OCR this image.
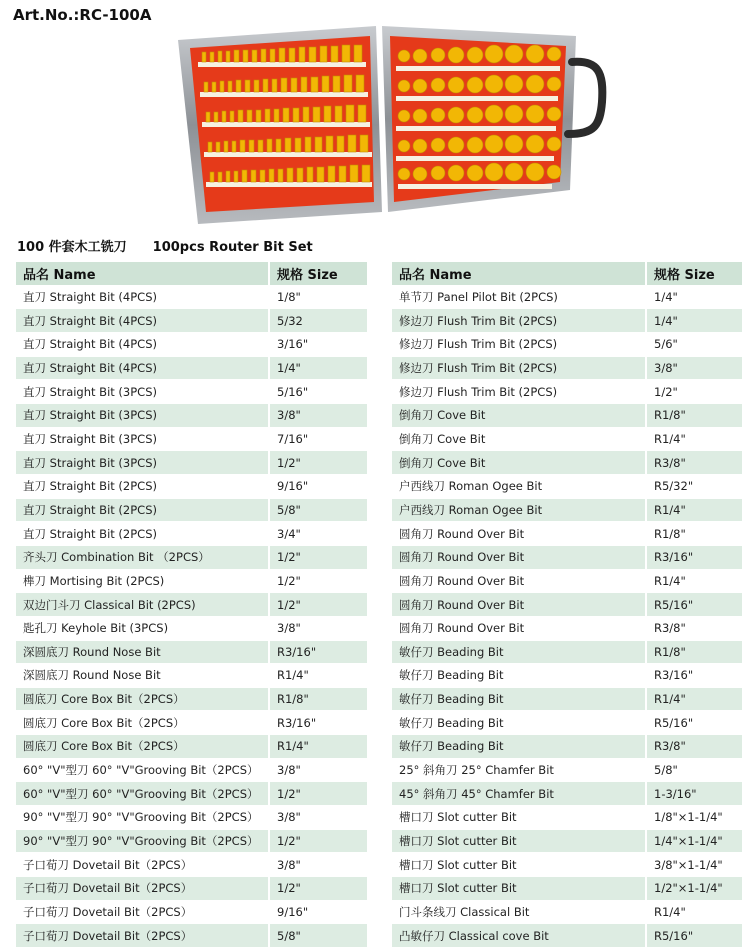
Art.No.:RC-100A
100 件套木工铣刀 100pcs Router Bit Set
品名 Name	规格 Size
直刀 Straight Bit (4PCS)	1/8"
直刀 Straight Bit (4PCS)	5/32
直刀 Straight Bit (4PCS)	3/16"
直刀 Straight Bit (4PCS)	1/4"
直刀 Straight Bit (3PCS)	5/16"
直刀 Straight Bit (3PCS)	3/8"
直刀 Straight Bit (3PCS)	7/16"
直刀 Straight Bit (3PCS)	1/2"
直刀 Straight Bit (2PCS)	9/16"
直刀 Straight Bit (2PCS)	5/8"
直刀 Straight Bit (2PCS)	3/4"
齐头刀 Combination Bit （2PCS）	1/2"
榫刀 Mortising Bit (2PCS)	1/2"
双边门斗刀 Classical Bit (2PCS)	1/2"
匙孔刀 Keyhole Bit (3PCS)	3/8"
深圆底刀 Round Nose Bit	R3/16"
深圆底刀 Round Nose Bit	R1/4"
圆底刀 Core Box Bit（2PCS）	R1/8"
圆底刀 Core Box Bit（2PCS）	R3/16"
圆底刀 Core Box Bit（2PCS）	R1/4"
60° "V"型刀 60° "V"Grooving Bit（2PCS）	3/8"
60° "V"型刀 60° "V"Grooving Bit（2PCS）	1/2"
90° "V"型刀 90° "V"Grooving Bit（2PCS）	3/8"
90° "V"型刀 90° "V"Grooving Bit（2PCS）	1/2"
子口荀刀 Dovetail Bit（2PCS）	3/8"
子口荀刀 Dovetail Bit（2PCS）	1/2"
子口荀刀 Dovetail Bit（2PCS）	9/16"
子口荀刀 Dovetail Bit（2PCS）	5/8"
品名 Name	规格 Size
单节刀 Panel Pilot Bit (2PCS)	1/4"
修边刀 Flush Trim Bit (2PCS)	1/4"
修边刀 Flush Trim Bit (2PCS)	5/6"
修边刀 Flush Trim Bit (2PCS)	3/8"
修边刀 Flush Trim Bit (2PCS)	1/2"
倒角刀 Cove Bit	R1/8"
倒角刀 Cove Bit	R1/4"
倒角刀 Cove Bit	R3/8"
户西线刀 Roman Ogee Bit	R5/32"
户西线刀 Roman Ogee Bit	R1/4"
圆角刀 Round Over Bit	R1/8"
圆角刀 Round Over Bit	R3/16"
圆角刀 Round Over Bit	R1/4"
圆角刀 Round Over Bit	R5/16"
圆角刀 Round Over Bit	R3/8"
敏仔刀 Beading Bit	R1/8"
敏仔刀 Beading Bit	R3/16"
敏仔刀 Beading Bit	R1/4"
敏仔刀 Beading Bit	R5/16"
敏仔刀 Beading Bit	R3/8"
25° 斜角刀 25° Chamfer Bit	5/8"
45° 斜角刀 45° Chamfer Bit	1-3/16"
槽口刀 Slot cutter Bit	1/8"×1-1/4"
槽口刀 Slot cutter Bit	1/4"×1-1/4"
槽口刀 Slot cutter Bit	3/8"×1-1/4"
槽口刀 Slot cutter Bit	1/2"×1-1/4"
门斗条线刀 Classical Bit	R1/4"
凸敏仔刀 Classical cove Bit	R5/16"
